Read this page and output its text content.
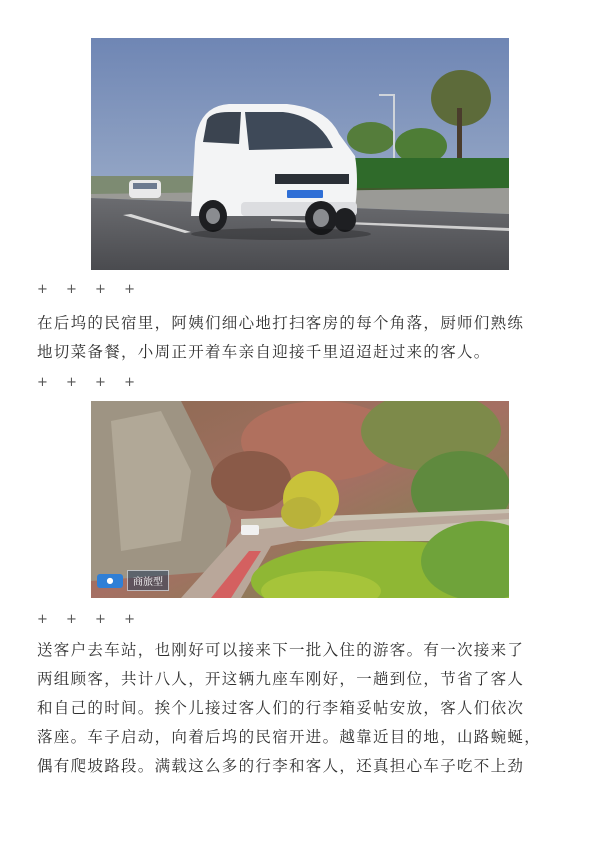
+ + + +

在后坞的民宿里，阿姨们细心地打扫客房的每个角落，厨师们熟练
地切菜备餐，小周正开着车亲自迎接千里迢迢赶过来的客人。

+ + + +
●	商旅型
+ + + +

送客户去车站，也刚好可以接来下一批入住的游客。有一次接来了
两组顾客，共计八人，开这辆九座车刚好，一趟到位，节省了客人
和自己的时间。挨个儿接过客人们的行李箱妥帖安放，客人们依次
落座。车子启动，向着后坞的民宿开进。越靠近目的地，山路蜿蜒，
偶有爬坡路段。满载这么多的行李和客人，还真担心车子吃不上劲
